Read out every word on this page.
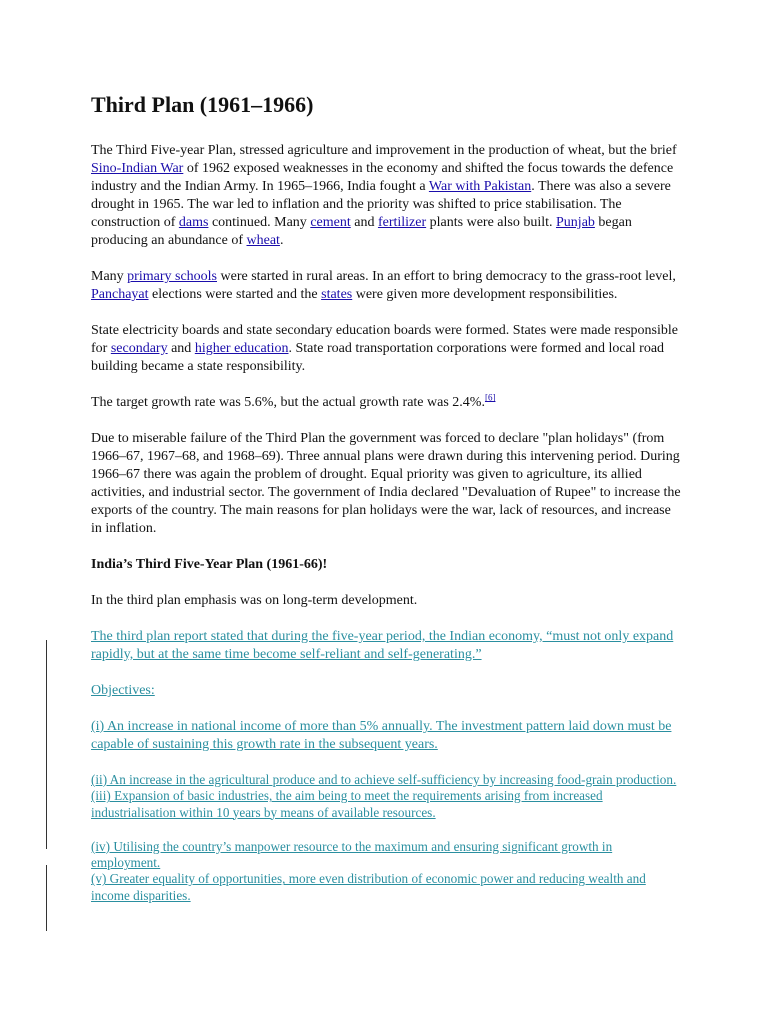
Third Plan (1961–1966)

The Third Five-year Plan, stressed agriculture and improvement in the production of wheat, but the brief Sino-Indian War of 1962 exposed weaknesses in the economy and shifted the focus towards the defence industry and the Indian Army. In 1965–1966, India fought a War with Pakistan. There was also a severe drought in 1965. The war led to inflation and the priority was shifted to price stabilisation. The construction of dams continued. Many cement and fertilizer plants were also built. Punjab began producing an abundance of wheat.

Many primary schools were started in rural areas. In an effort to bring democracy to the grass-root level, Panchayat elections were started and the states were given more development responsibilities.

State electricity boards and state secondary education boards were formed. States were made responsible for secondary and higher education. State road transportation corporations were formed and local road building became a state responsibility.

The target growth rate was 5.6%, but the actual growth rate was 2.4%.[6]

Due to miserable failure of the Third Plan the government was forced to declare "plan holidays" (from 1966–67, 1967–68, and 1968–69). Three annual plans were drawn during this intervening period. During 1966–67 there was again the problem of drought. Equal priority was given to agriculture, its allied activities, and industrial sector. The government of India declared "Devaluation of Rupee" to increase the exports of the country. The main reasons for plan holidays were the war, lack of resources, and increase in inflation.

India’s Third Five-Year Plan (1961-66)!

In the third plan emphasis was on long-term development.

The third plan report stated that during the five-year period, the Indian economy, “must not only expand rapidly, but at the same time become self-reliant and self-generating.”

Objectives:

(i) An increase in national income of more than 5% annually. The investment pattern laid down must be capable of sustaining this growth rate in the subsequent years.

(ii) An increase in the agricultural produce and to achieve self-sufficiency by increasing food-grain production.

(iii) Expansion of basic industries, the aim being to meet the requirements arising from increased industrialisation within 10 years by means of available resources.

(iv) Utilising the country’s manpower resource to the maximum and ensuring significant growth in employment.

(v) Greater equality of opportunities, more even distribution of economic power and reducing wealth and income disparities.
